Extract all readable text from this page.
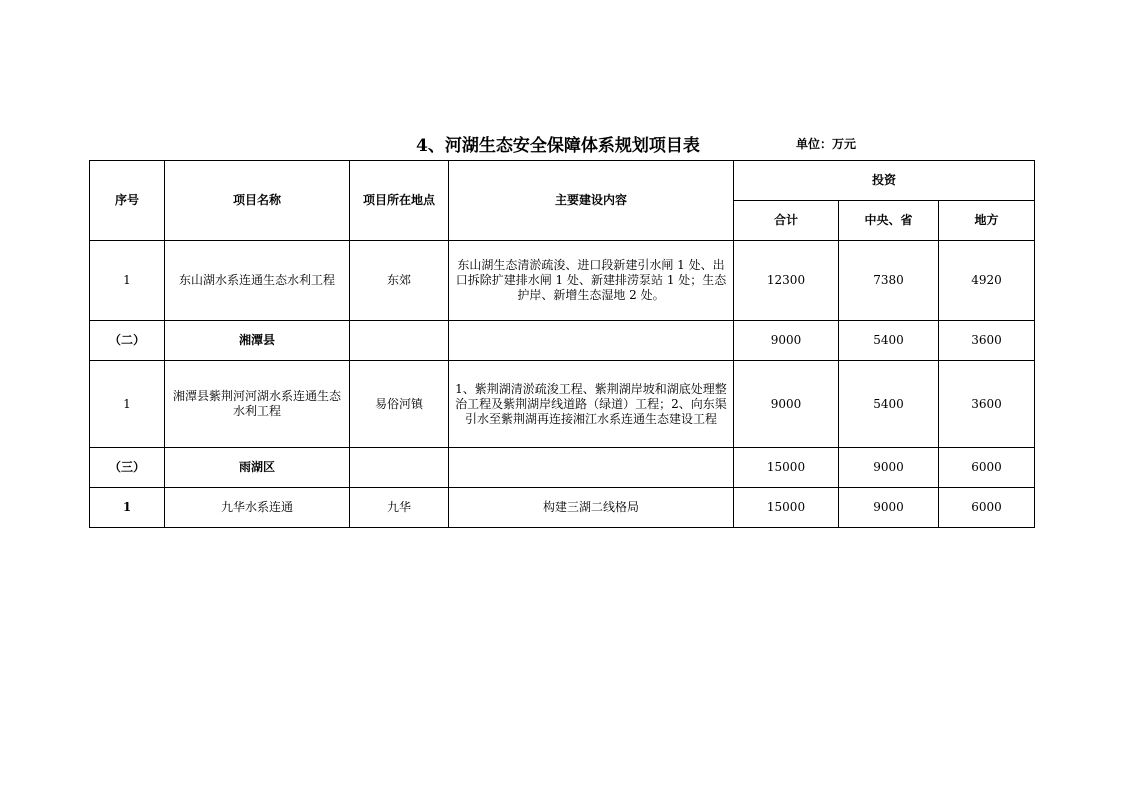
4、河湖生态安全保障体系规划项目表	单位：万元
序号	项目名称	项目所在地点	主要建设内容	投资		
				合计	中央、省	地方
1	东山湖水系连通生态水利工程	东郊	东山湖生态清淤疏浚、进口段新建引水闸 1 处、出口拆除扩建排水闸 1 处、新建排涝泵站 1 处；生态护岸、新增生态湿地 2 处。	12300	7380	4920
（二）	湘潭县			9000	5400	3600
1	湘潭县紫荆河河湖水系连通生态水利工程	易俗河镇	1、紫荆湖清淤疏浚工程、紫荆湖岸坡和湖底处理整治工程及紫荆湖岸线道路（绿道）工程；2、向东渠引水至紫荆湖再连接湘江水系连通生态建设工程	9000	5400	3600
（三）	雨湖区			15000	9000	6000
1	九华水系连通	九华	构建三湖二线格局	15000	9000	6000
